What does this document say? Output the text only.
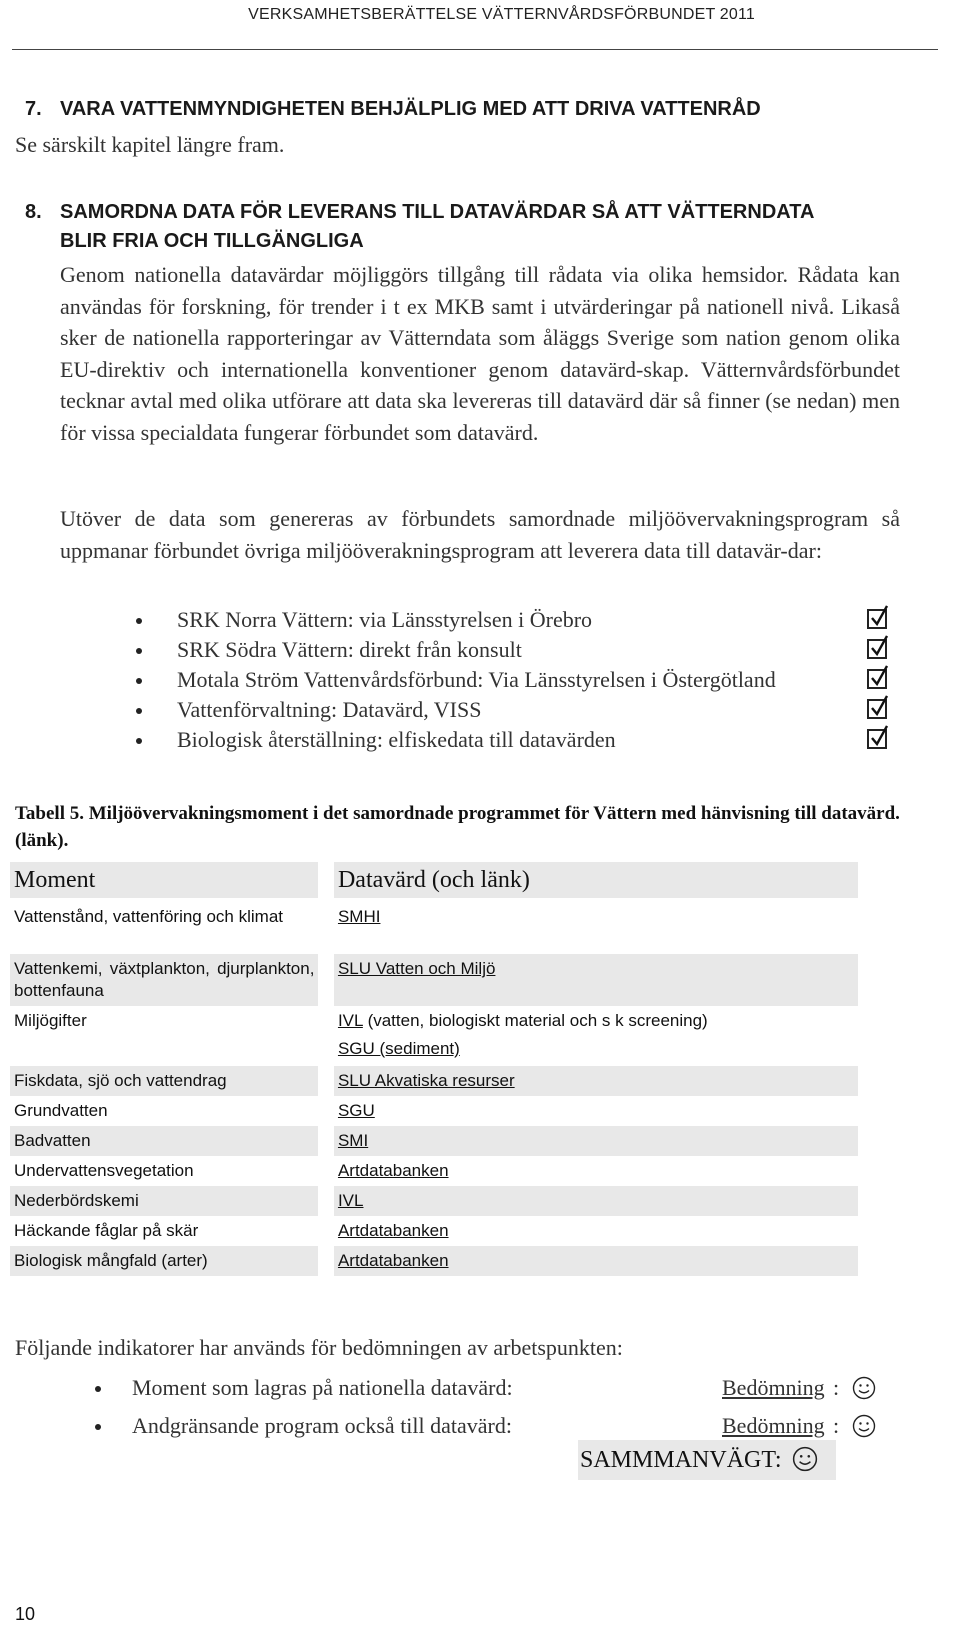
VERKSAMHETSBERÄTTELSE VÄTTERNVÅRDSFÖRBUNDET 2011
7. VARA VATTENMYNDIGHETEN BEHJÄLPLIG MED ATT DRIVA VATTENRÅD
Se särskilt kapitel längre fram.
8. SAMORDNA DATA FÖR LEVERANS TILL DATAVÄRDAR SÅ ATT VÄTTERNDATA
BLIR FRIA OCH TILLGÄNGLIGA
Genom nationella datavärdar möjliggörs tillgång till rådata via olika hemsidor. Rådata kan användas för forskning, för trender i t ex MKB samt i utvärderingar på nationell nivå. Likaså sker de nationella rapporteringar av Vätterndata som åläggs Sverige som nation genom olika EU-direktiv och internationella konventioner genom datavärd-skap. Vätternvårdsförbundet tecknar avtal med olika utförare att data ska levereras till datavärd där så finner (se nedan) men för vissa specialdata fungerar förbundet som datavärd.
Utöver de data som genereras av förbundets samordnade miljöövervakningsprogram så uppmanar förbundet övriga miljööverakningsprogram att leverera data till datavär-dar:
SRK Norra Vättern: via Länsstyrelsen i Örebro
SRK Södra Vättern: direkt från konsult
Motala Ström Vattenvårdsförbund: Via Länsstyrelsen i Östergötland
Vattenförvaltning: Datavärd, VISS
Biologisk återställning: elfiskedata till datavärden
Tabell 5. Miljöövervakningsmoment i det samordnade programmet för Vättern med hänvisning till datavärd. (länk).
Moment		Datavärd (och länk)

Vattenstånd, vattenföring och klimat		SMHI
Vattenkemi, växtplankton, djurplankton, bottenfauna		SLU Vatten och Miljö
Miljögifter		IVL (vatten, biologiskt material och s k screening)
SGU (sediment)

Fiskdata, sjö och vattendrag		SLU Akvatiska resurser
Grundvatten		SGU
Badvatten		SMI
Undervattensvegetation		Artdatabanken
Nederbördskemi		IVL
Häckande fåglar på skär		Artdatabanken
Biologisk mångfald (arter)		Artdatabanken
Följande indikatorer har används för bedömningen av arbetspunkten:
Moment som lagras på nationella datavärd:	Bedömning :
Andgränsande program också till datavärd:	Bedömning :
SAMMMANVÄGT:
10
